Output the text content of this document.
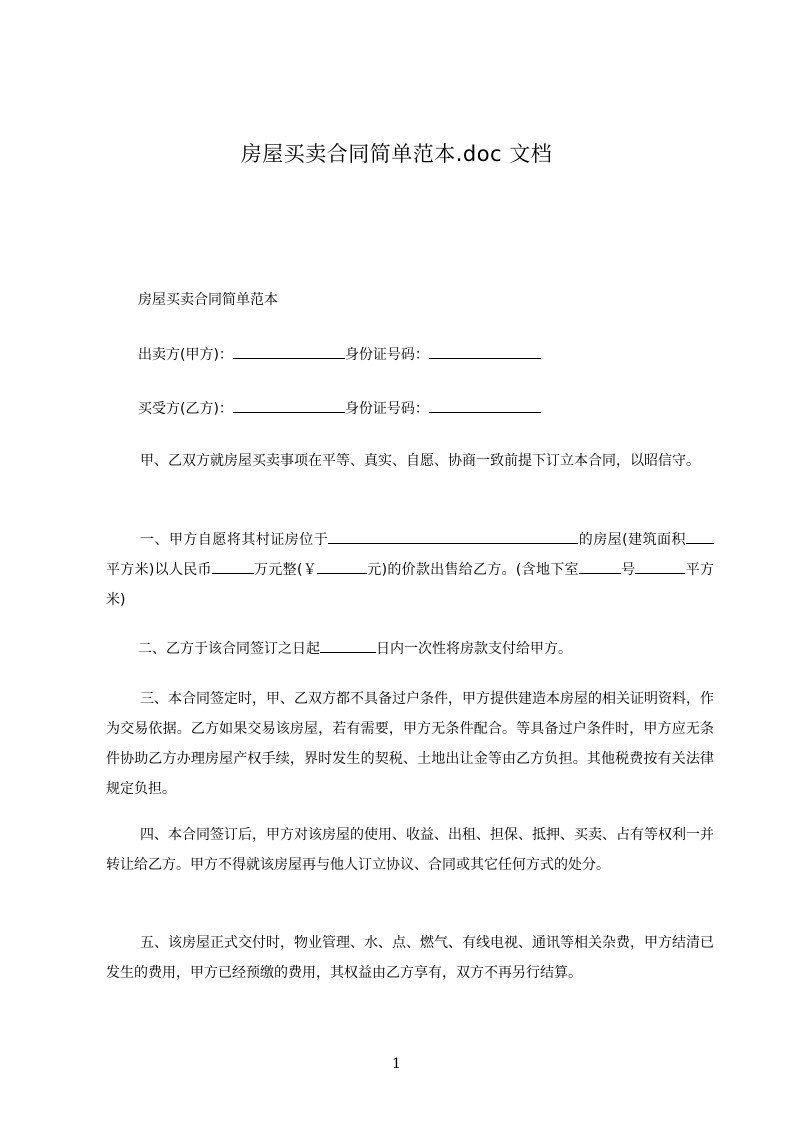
房屋买卖合同简单范本.doc 文档
房屋买卖合同简单范本
出卖方(甲方)：	身份证号码：
买受方(乙方)：	身份证号码：
甲、乙双方就房屋买卖事项在平等、真实、自愿、协商一致前提下订立本合同，以昭信守。
一、甲方自愿将其村证房位于	的房屋(建筑面积平方米)以人民币	万元整(￥	元)的价款出售给乙方。(含地下室	号	平方米)
二、乙方于该合同签订之日起	日内一次性将房款支付给甲方。
三、本合同签定时，甲、乙双方都不具备过户条件，甲方提供建造本房屋的相关证明资料，作为交易依据。乙方如果交易该房屋，若有需要，甲方无条件配合。等具备过户条件时，甲方应无条件协助乙方办理房屋产权手续，界时发生的契税、土地出让金等由乙方负担。其他税费按有关法律规定负担。
四、本合同签订后，甲方对该房屋的使用、收益、出租、担保、抵押、买卖、占有等权利一并转让给乙方。甲方不得就该房屋再与他人订立协议、合同或其它任何方式的处分。
五、该房屋正式交付时，物业管理、水、点、燃气、有线电视、通讯等相关杂费，甲方结清已发生的费用，甲方已经预缴的费用，其权益由乙方享有，双方不再另行结算。
1
